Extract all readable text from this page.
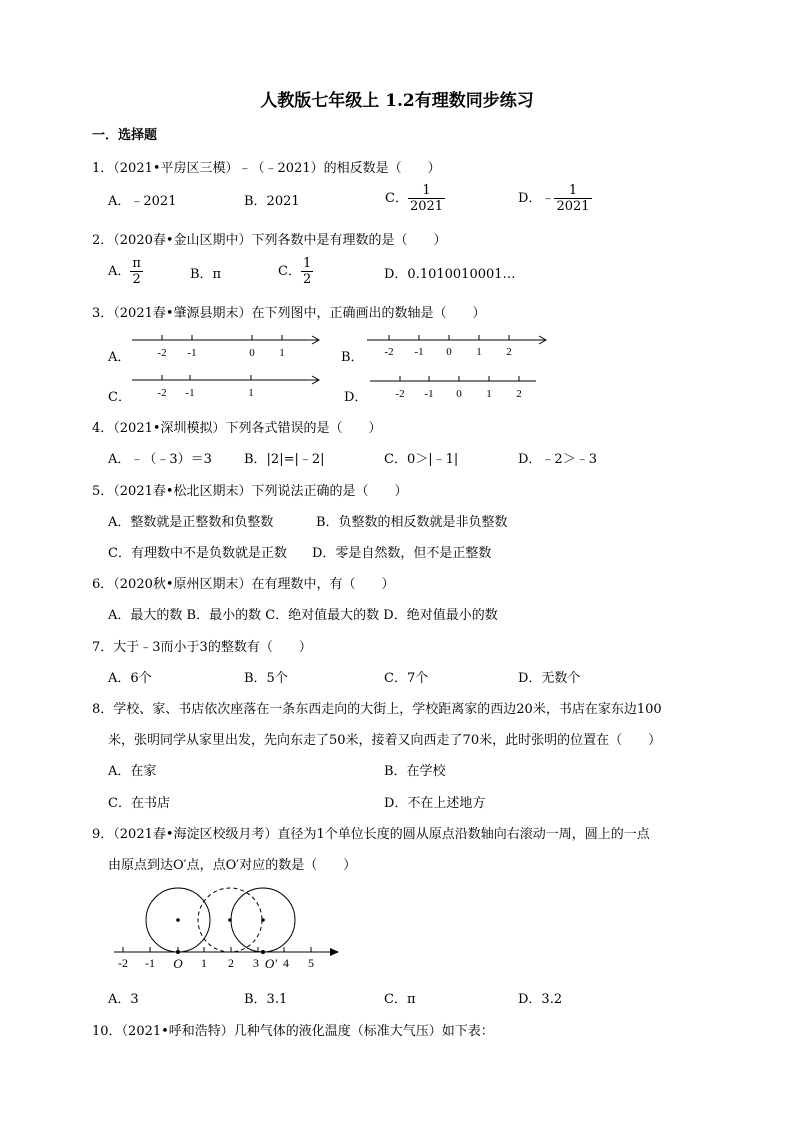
人教版七年级上 1.2有理数同步练习
一．选择题
1．（2021•平房区三模）﹣（﹣2021）的相反数是（　　）
A．﹣2021	B．2021	C． $\frac{1}{2021}$	D．﹣ $\frac{1}{2021}$
2．（2020春•金山区期中）下列各数中是有理数的是（　　）
A． $\frac{\pi}{2}$	B．π	C． $\frac{1}{2}$	D．0.1010010001…
3．（2021春•肇源县期末）在下列图中，正确画出的数轴是（　　）
A．	B．
C．	D．
-2 -1	0 1	-2 -1 0 1 2
-2 -1	1	-2 -1 0 1 2
4．（2021•深圳模拟）下列各式错误的是（　　）
A．﹣（﹣3）＝3 B．|2|=|﹣2|	C．0＞|﹣1|	D．﹣2＞﹣3
5．（2021春•松北区期末）下列说法正确的是（　　）
A．整数就是正整数和负整数	B．负整数的相反数就是非负整数
C．有理数中不是负数就是正数 D．零是自然数，但不是正整数
6．（2020秋•原州区期末）在有理数中，有（　　）
A．最大的数 B．最小的数 C．绝对值最大的数 D．绝对值最小的数
7．大于﹣3而小于3的整数有（　　）
A．6个	B．5个	C．7个	D．无数个
8．学校、家、书店依次座落在一条东西走向的大街上，学校距离家的西边20米，书店在家东边100
米，张明同学从家里出发，先向东走了50米，接着又向西走了70米，此时张明的位置在（　　）
A．在家	B．在学校
C．在书店	D．不在上述地方
9．（2021春•海淀区校级月考）直径为1个单位长度的圆从原点沿数轴向右滚动一周，圆上的一点
由原点到达O′点，点O′对应的数是（　　）
-2 -1 O 1 2 3 O′ 4 5
A．3	B．3.1	C．π	D．3.2
10．（2021•呼和浩特）几种气体的液化温度（标准大气压）如下表：
